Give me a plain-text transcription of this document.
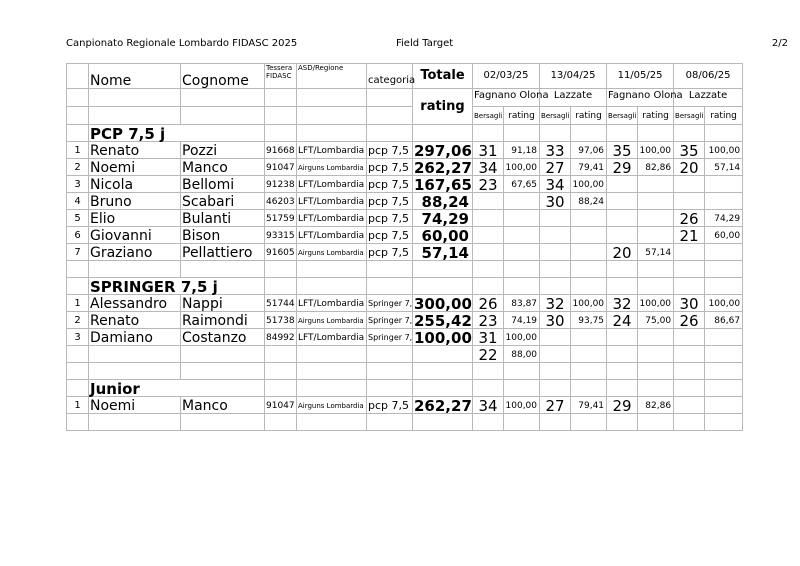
Canpionato Regionale Lombardo FIDASC 2025	Field Target	2/2
	Nome	Cognome	Tessera FIDASC	ASD/Regione	categoria	Totale	02/03/25		13/04/25		11/05/25		08/06/25	
						rating	Fagnano Olona		Lazzate		Fagnano Olona		Lazzate	
							Bersagli	rating	Bersagli	rating	Bersagli	rating	Bersagli	rating
	PCP 7,5 j													
1	Renato	Pozzi	91668	LFT/Lombardia	pcp 7,5	297,06	31	91,18	33	97,06	35	100,00	35	100,00
2	Noemi	Manco	91047	Airguns Lombardia	pcp 7,5	262,27	34	100,00	27	79,41	29	82,86	20	57,14
3	Nicola	Bellomi	91238	LFT/Lombardia	pcp 7,5	167,65	23	67,65	34	100,00				
4	Bruno	Scabari	46203	LFT/Lombardia	pcp 7,5	88,24			30	88,24				
5	Elio	Bulanti	51759	LFT/Lombardia	pcp 7,5	74,29							26	74,29
6	Giovanni	Bison	93315	LFT/Lombardia	pcp 7,5	60,00							21	60,00
7	Graziano	Pellattiero	91605	Airguns Lombardia	pcp 7,5	57,14					20	57,14		

	SPRINGER 7,5 j													
1	Alessandro	Nappi	51744	LFT/Lombardia	Springer 7,	300,00	26	83,87	32	100,00	32	100,00	30	100,00
2	Renato	Raimondi	51738	Airguns Lombardia	Springer 7,	255,42	23	74,19	30	93,75	24	75,00	26	86,67
3	Damiano	Costanzo	84992	LFT/Lombardia	Springer 7,	100,00	31	100,00						
							22	88,00						

	Junior													
1	Noemi	Manco	91047	Airguns Lombardia	pcp 7,5	262,27	34	100,00	27	79,41	29	82,86		
